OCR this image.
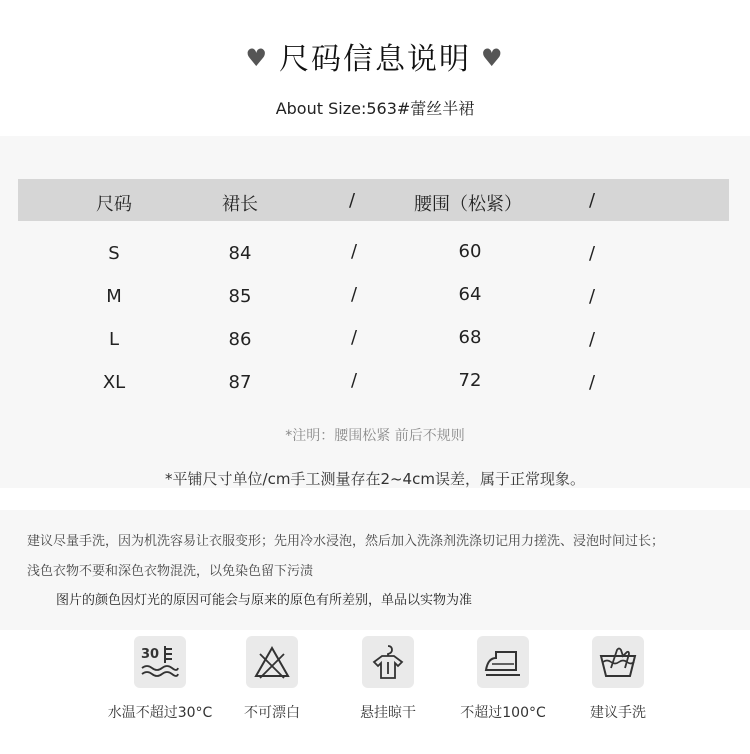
♥ 尺码信息说明 ♥
About Size:563#蕾丝半裙
尺码	裙长	/	腰围（松紧）	/
S	84	/	60	/
M	85	/	64	/
L	86	/	68	/
XL	87	/	72	/
*注明：腰围松紧 前后不规则
*平铺尺寸单位/cm手工测量存在2~4cm误差，属于正常现象。

建议尽量手洗，因为机洗容易让衣服变形；先用冷水浸泡，然后加入洗涤剂洗涤切记用力搓洗、浸泡时间过长；

浅色衣物不要和深色衣物混洗，以免染色留下污渍

图片的颜色因灯光的原因可能会与原来的原色有所差别，单品以实物为准

30
水温不超过30°C	不可漂白	悬挂晾干	不超过100°C	建议手洗
